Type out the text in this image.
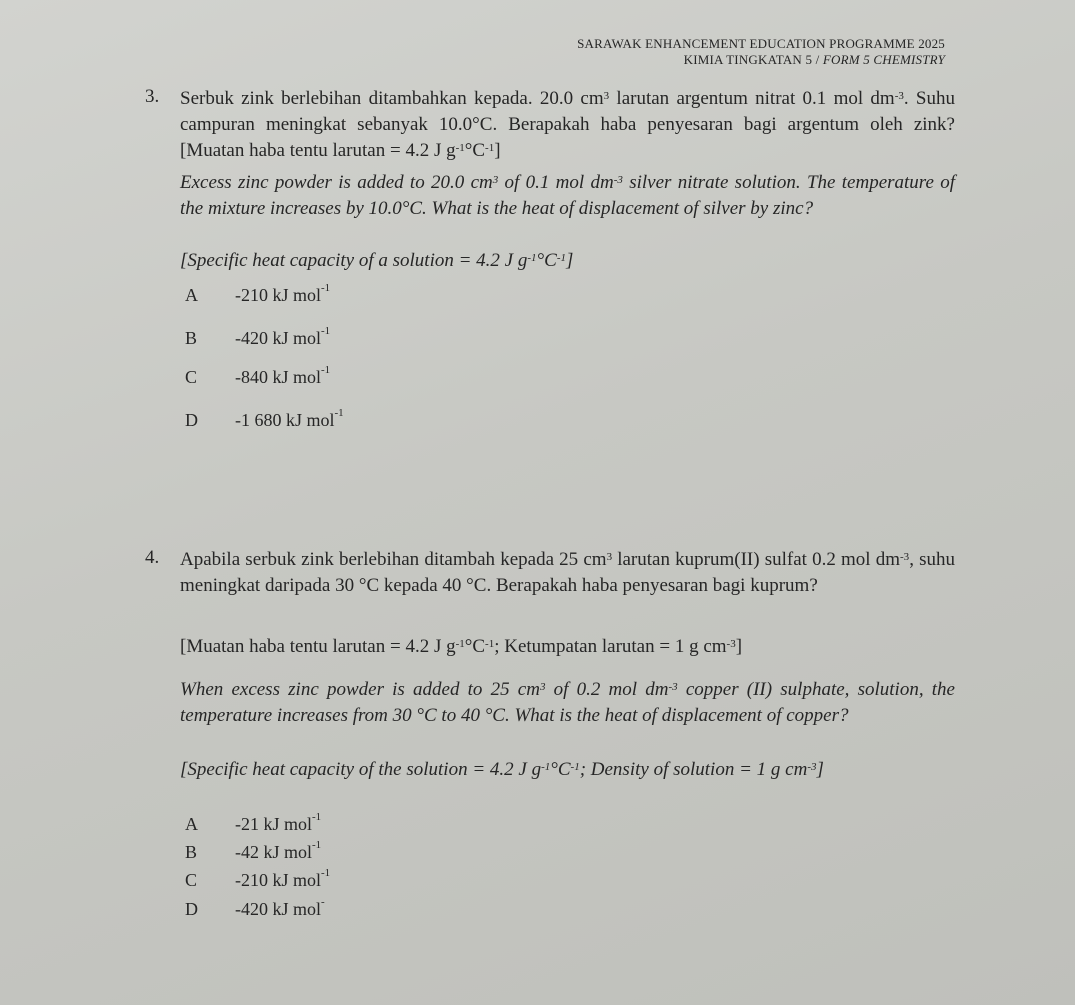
SARAWAK ENHANCEMENT EDUCATION PROGRAMME 2025
KIMIA TINGKATAN 5 / FORM 5 CHEMISTRY
3. Serbuk zink berlebihan ditambahkan kepada. 20.0 $cm^3$ larutan argentum nitrat 0.1 mol $dm^{-3}$. Suhu campuran meningkat sebanyak 10.0°C. Berapakah haba penyesaran bagi argentum oleh zink?[Muatan haba tentu larutan = 4.2 J $g^{-1}^\circ C^{-1}$]
Excess zinc powder is added to 20.0 $cm^3$ of 0.1 mol $dm^{-3}$ silver nitrate solution. The temperature of the mixture increases by 10.0°C. What is the heat of displacement of silver by zinc?
[Specific heat capacity of a solution = 4.2 J $g^{-1}^\circ C^{-1}$]
A -210 kJ mol$^{-1}$
B -420 kJ mol$^{-1}$
C -840 kJ mol$^{-1}$
D -1 680 kJ mol$^{-1}$
4. Apabila serbuk zink berlebihan ditambah kepada 25 $cm^3$ larutan kuprum(II) sulfat 0.2 mol $dm^{-3}$, suhu meningkat daripada 30 °C kepada 40 °C. Berapakah haba penyesaran bagi kuprum?
[Muatan haba tentu larutan = 4.2 J $g^{-1}^\circ C^{-1}$; Ketumpatan larutan = 1 g $cm^{-3}$]
When excess zinc powder is added to 25 $cm^3$ of 0.2 mol $dm^{-3}$ copper (II) sulphate, solution, the temperature increases from 30 °C to 40 °C. What is the heat of displacement of copper?
[Specific heat capacity of the solution = 4.2 J $g^{-1}^\circ C^{-1}$; Density of solution = 1 g $cm^{-3}$]
A -21 kJ mol$^{-1}$
B -42 kJ mol$^{-1}$
C -210 kJ mol$^{-1}$
D -420 kJ mol-
